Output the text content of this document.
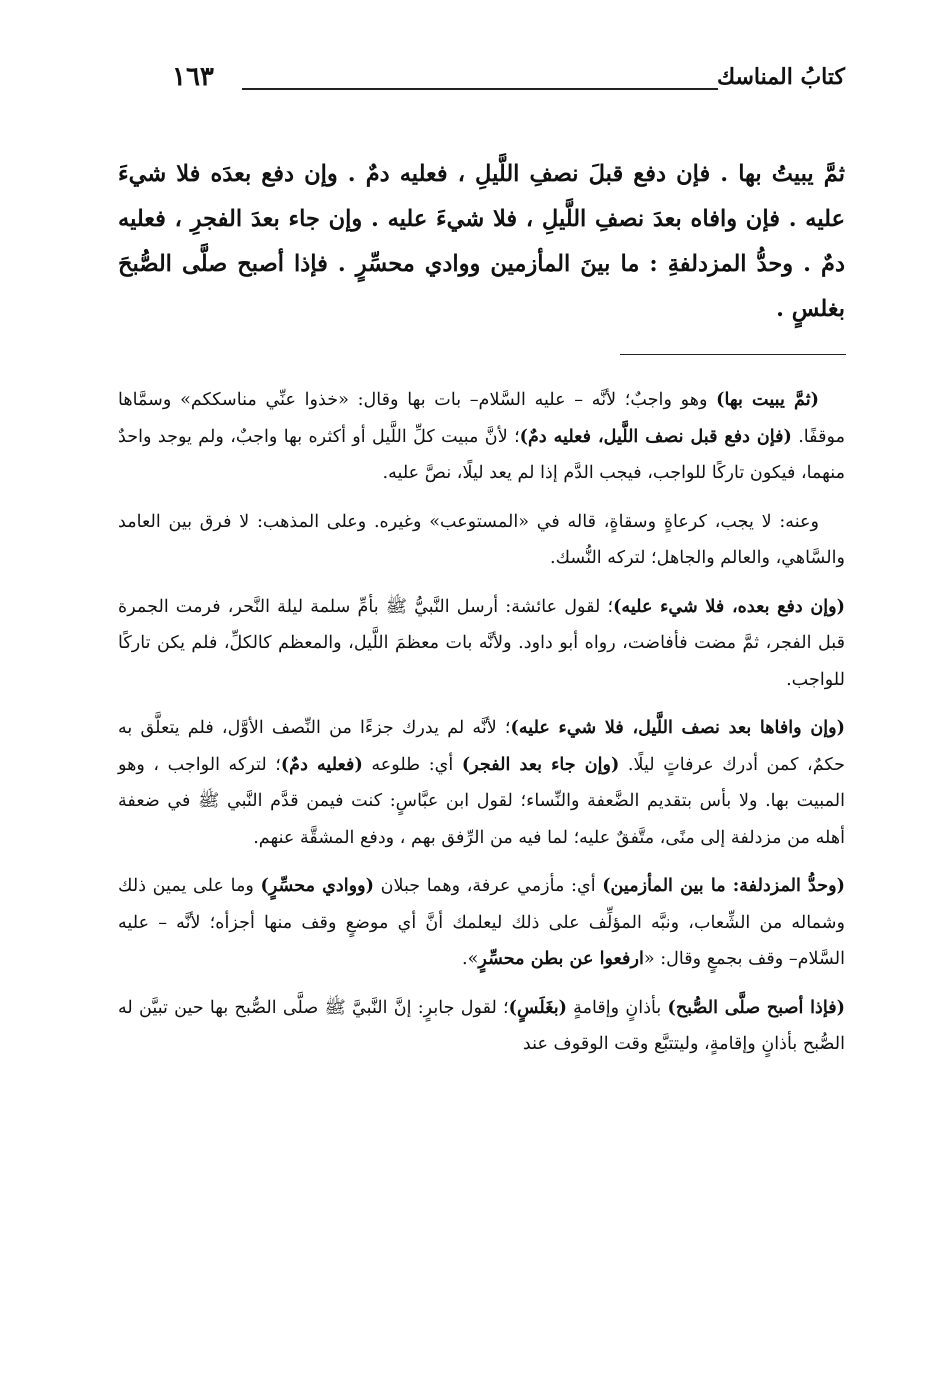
كتابُ المناسك
١٦٣

ثمَّ يبيتُ بها . فإن دفع قبلَ نصفِ اللَّيلِ ، فعليه دمٌ . وإن دفع بعدَه فلا شيءَ عليه . فإن وافاه بعدَ نصفِ اللَّيلِ ، فلا شيءَ عليه . وإن جاء بعدَ الفجرِ ، فعليه دمٌ . وحدُّ المزدلفةِ : ما بينَ المأزمين ووادي محسِّرٍ . فإذا أصبح صلَّى الصُّبحَ بغلسٍ .

(ثمَّ يبيت بها) وهو واجبٌ؛ لأنَّه – عليه السَّلام– بات بها وقال: «خذوا عنِّي مناسككم» وسمَّاها موقفًا. (فإن دفع قبل نصف اللَّيل، فعليه دمٌ)؛ لأنَّ مبيت كلِّ اللَّيل أو أكثره بها واجبٌ، ولم يوجد واحدٌ منهما، فيكون تاركًا للواجب، فيجب الدَّم إذا لم يعد ليلًا، نصَّ عليه.

وعنه: لا يجب، كرعاةٍ وسقاةٍ، قاله في «المستوعب» وغيره. وعلى المذهب: لا فرق بين العامد والسَّاهي، والعالم والجاهل؛ لتركه النُّسك.

(وإن دفع بعده، فلا شيء عليه)؛ لقول عائشة: أرسل النَّبيُّ ﷺ بأمِّ سلمة ليلة النَّحر، فرمت الجمرة قبل الفجر، ثمَّ مضت فأفاضت، رواه أبو داود. ولأنَّه بات معظمَ اللَّيل، والمعظم كالكلِّ، فلم يكن تاركًا للواجب.

(وإن وافاها بعد نصف اللَّيل، فلا شيء عليه)؛ لأنَّه لم يدرك جزءًا من النِّصف الأوَّل، فلم يتعلَّق به حكمٌ، كمن أدرك عرفاتٍ ليلًا. (وإن جاء بعد الفجر) أي: طلوعه (فعليه دمٌ)؛ لتركه الواجب ، وهو المبيت بها. ولا بأس بتقديم الضَّعفة والنِّساء؛ لقول ابن عبَّاسٍ: كنت فيمن قدَّم النَّبي ﷺ في ضعفة أهله من مزدلفة إلى منًى، متَّفقٌ عليه؛ لما فيه من الرِّفق بهم ، ودفع المشقَّة عنهم.

(وحدُّ المزدلفة: ما بين المأزمين) أي: مأزمي عرفة، وهما جبلان (ووادي محسِّرٍ) وما على يمين ذلك وشماله من الشِّعاب، ونبَّه المؤلِّف على ذلك ليعلمك أنَّ أي موضعٍ وقف منها أجزأه؛ لأنَّه – عليه السَّلام– وقف بجمعٍ وقال: «ارفعوا عن بطن محسِّرٍ».

(فإذا أصبح صلَّى الصُّبح) بأذانٍ وإقامةٍ (بغَلَسٍ)؛ لقول جابرٍ: إنَّ النَّبيَّ ﷺ صلَّى الصُّبح بها حين تبيَّن له الصُّبح بأذانٍ وإقامةٍ، وليتتبَّع وقت الوقوف عند
